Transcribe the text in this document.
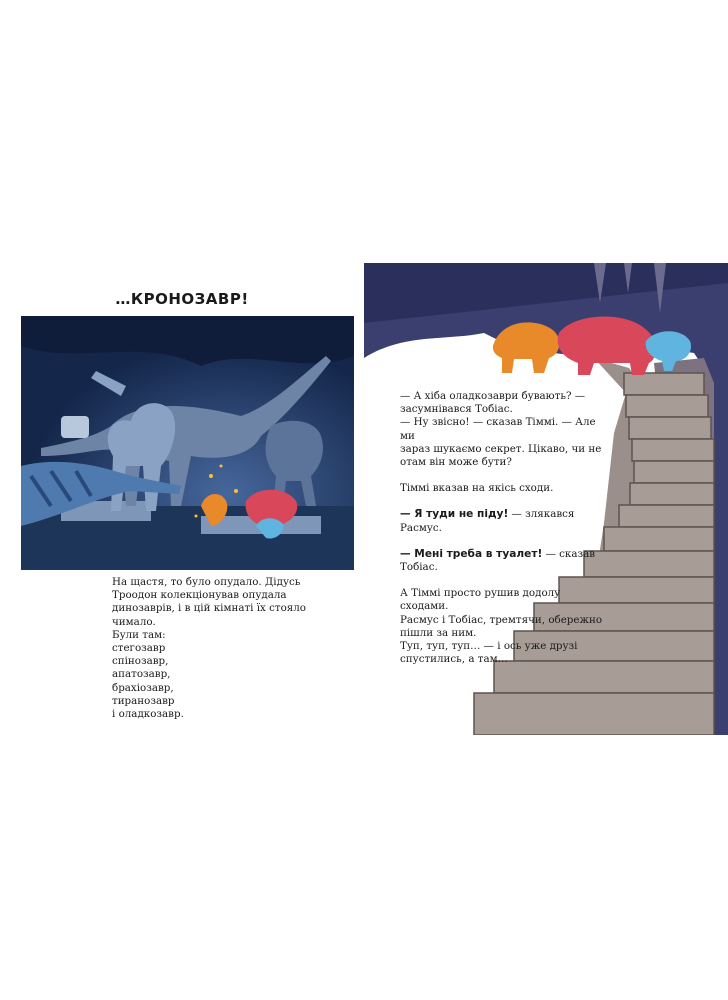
…КРОНОЗАВР!
На щастя, то було опудало. Дідусь
Троодон колекціонував опудала
динозаврів, і в цій кімнаті їх стояло
чимало.
Були там:
стегозавр
спінозавр,
апатозавр,
брахіозавр,
тиранозавр
і оладкозавр.

— А хіба оладкозаври бувають? —
засумнівався Тобіас.
— Ну звісно! — сказав Тіммі. — Але ми
зараз шукаємо секрет. Цікаво, чи не
отам він може бути?

Тіммі вказав на якісь сходи.

— Я туди не піду! — злякався
Расмус.

— Мені треба в туалет! — сказав
Тобіас.

А Тіммі просто рушив додолу сходами.
Расмус і Тобіас, тремтячи, обережно
пішли за ним.
Туп, туп, туп… — і ось уже друзі
спустились, а там…
